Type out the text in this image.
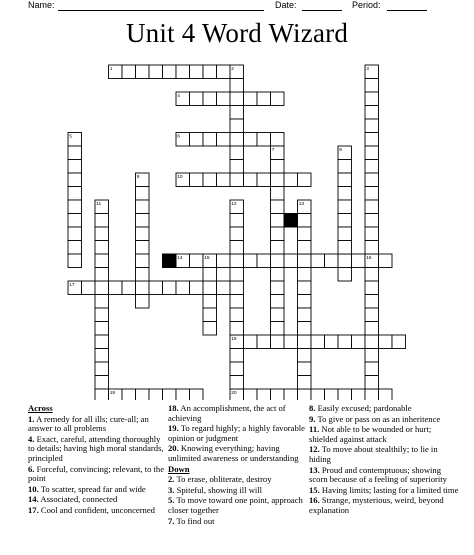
Name:	Date:	Period:
Unit 4 Word Wizard
1
4
6
10
14
17
18
19	20
2	3
5
7	8
9
11	12	13
15	16
Across
1. A remedy for all ills; cure-all; an answer to all problems
4. Exact, careful, attending thoroughly to details; having high moral standards, principled
6. Forceful, convincing; relevant, to the point
10. To scatter, spread far and wide
14. Associated, connected
17. Cool and confident, unconcerned
18. An accomplishment, the act of achieving
19. To regard highly; a highly favorable opinion or judgment
20. Knowing everything; having unlimited awareness or understanding
Down
2. To erase, obliterate, destroy
3. Spiteful, showing ill will
5. To move toward one point, approach closer together
7. To find out
8. Easily excused; pardonable
9. To give or pass on as an inheritence
11. Not able to be wounded or hurt; shielded against attack
12. To move about stealthily; to lie in hiding
13. Proud and contemptuous; showing scorn because of a feeling of superiority
15. Having limits; lasting for a limited time
16. Strange, mysterious, weird, beyond explanation
